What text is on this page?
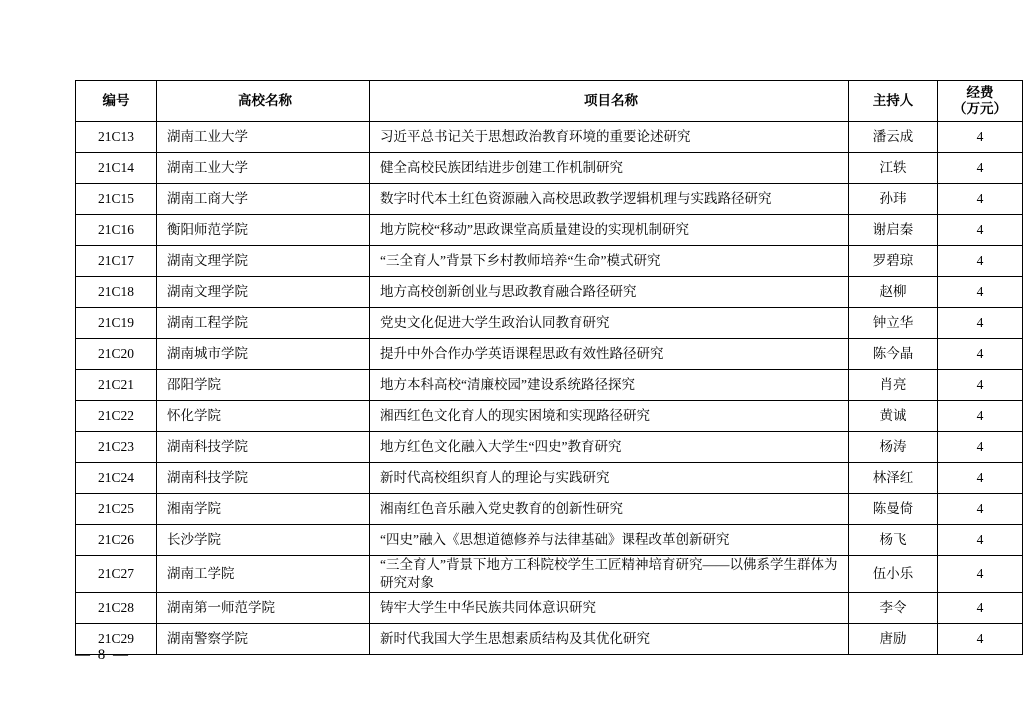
编号	高校名称	项目名称	主持人	经费
（万元）

21C13	湖南工业大学	习近平总书记关于思想政治教育环境的重要论述研究	潘云成	4
21C14	湖南工业大学	健全高校民族团结进步创建工作机制研究	江轶	4
21C15	湖南工商大学	数字时代本土红色资源融入高校思政教学逻辑机理与实践路径研究	孙玮	4
21C16	衡阳师范学院	地方院校“移动”思政课堂高质量建设的实现机制研究	谢启秦	4
21C17	湖南文理学院	“三全育人”背景下乡村教师培养“生命”模式研究	罗碧琼	4
21C18	湖南文理学院	地方高校创新创业与思政教育融合路径研究	赵柳	4
21C19	湖南工程学院	党史文化促进大学生政治认同教育研究	钟立华	4
21C20	湖南城市学院	提升中外合作办学英语课程思政有效性路径研究	陈今晶	4
21C21	邵阳学院	地方本科高校“清廉校园”建设系统路径探究	肖亮	4
21C22	怀化学院	湘西红色文化育人的现实困境和实现路径研究	黄诚	4
21C23	湖南科技学院	地方红色文化融入大学生“四史”教育研究	杨涛	4
21C24	湖南科技学院	新时代高校组织育人的理论与实践研究	林泽红	4
21C25	湘南学院	湘南红色音乐融入党史教育的创新性研究	陈曼倚	4
21C26	长沙学院	“四史”融入《思想道德修养与法律基础》课程改革创新研究	杨飞	4
21C27	湖南工学院	“三全育人”背景下地方工科院校学生工匠精神培育研究——以佛系学生群体为研究对象	伍小乐	4
21C28	湖南第一师范学院	铸牢大学生中华民族共同体意识研究	李令	4
21C29	湖南警察学院	新时代我国大学生思想素质结构及其优化研究	唐励	4
— 8 —
